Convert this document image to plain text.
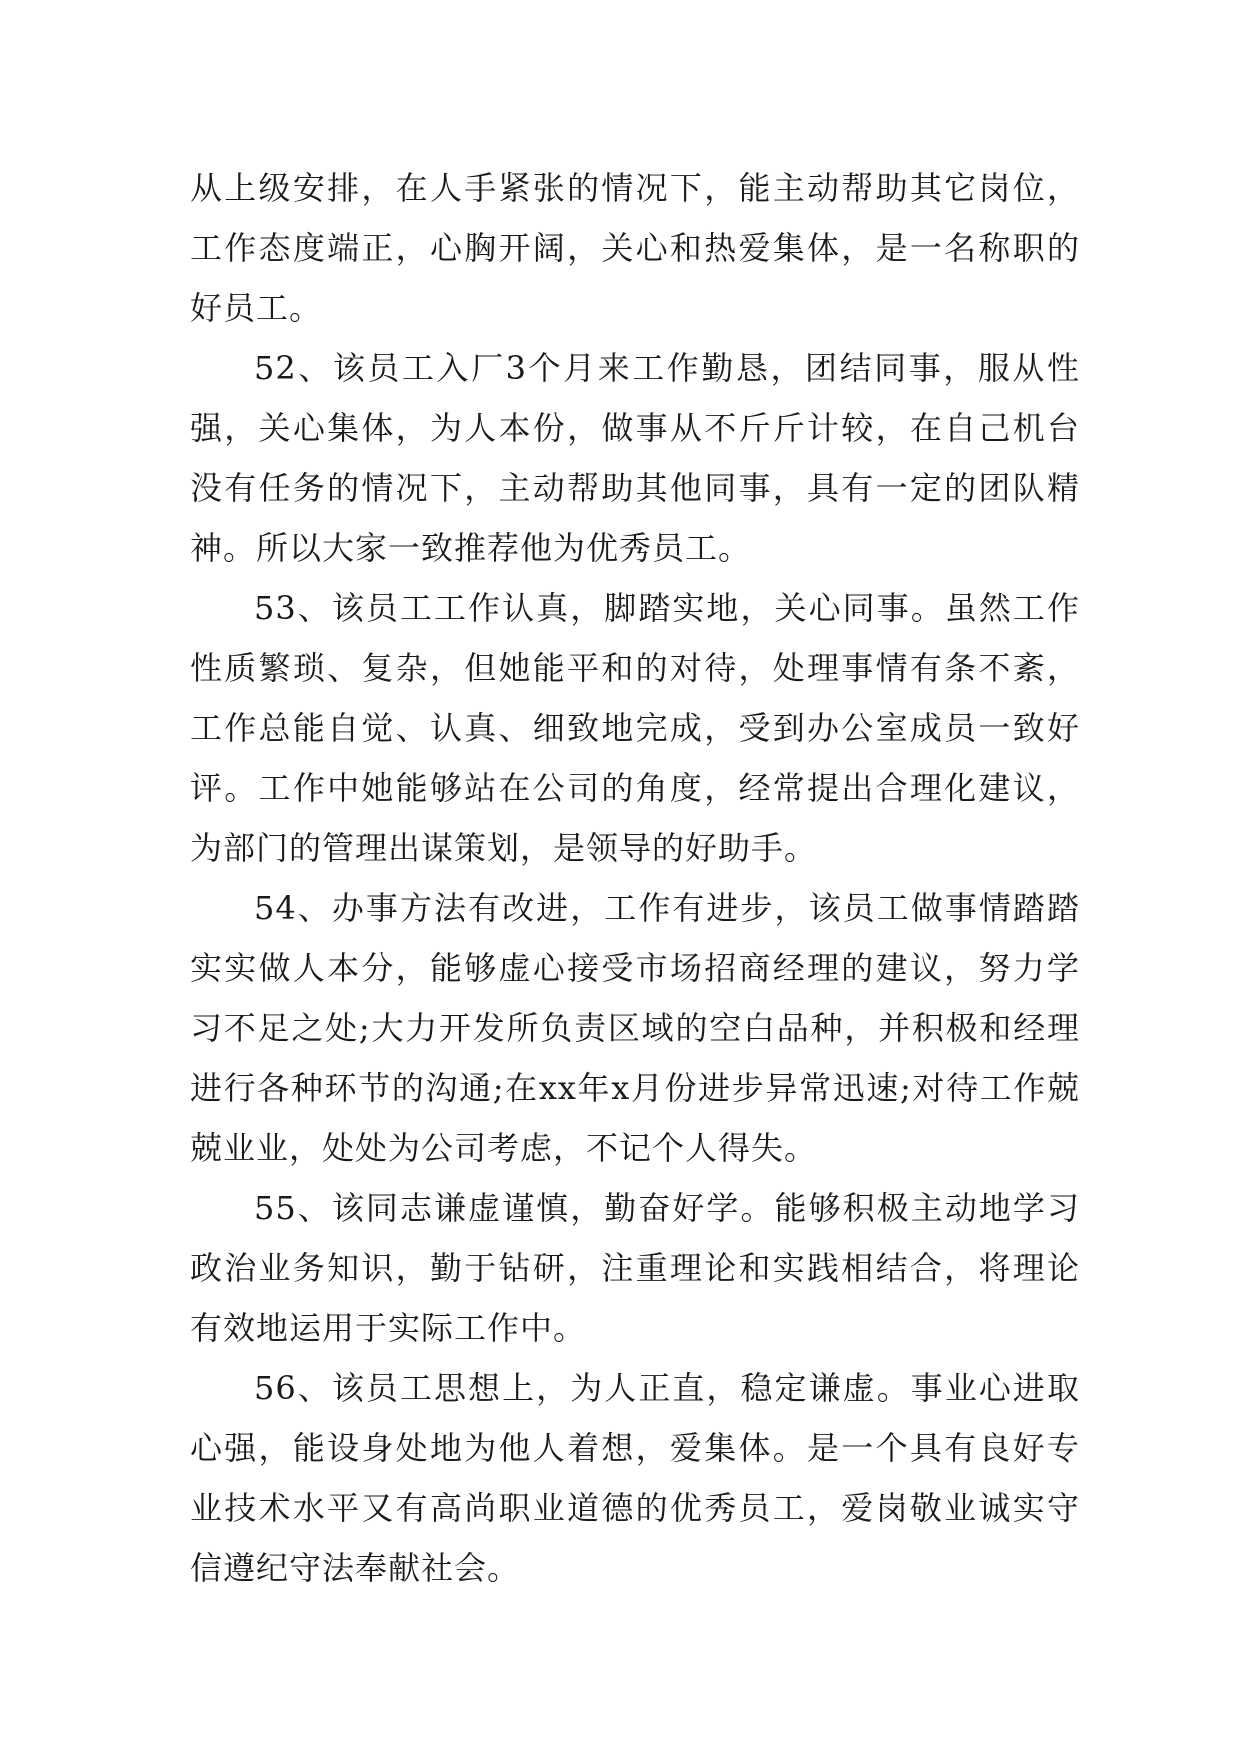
从上级安排，在人手紧张的情况下，能主动帮助其它岗位，工作态度端正，心胸开阔，关心和热爱集体，是一名称职的好员工。

52、该员工入厂3个月来工作勤恳，团结同事，服从性强，关心集体，为人本份，做事从不斤斤计较，在自己机台没有任务的情况下，主动帮助其他同事，具有一定的团队精神。所以大家一致推荐他为优秀员工。

53、该员工工作认真，脚踏实地，关心同事。虽然工作性质繁琐、复杂，但她能平和的对待，处理事情有条不紊，工作总能自觉、认真、细致地完成，受到办公室成员一致好评。工作中她能够站在公司的角度，经常提出合理化建议，为部门的管理出谋策划，是领导的好助手。

54、办事方法有改进，工作有进步，该员工做事情踏踏实实做人本分，能够虚心接受市场招商经理的建议，努力学习不足之处;大力开发所负责区域的空白品种，并积极和经理进行各种环节的沟通;在xx年x月份进步异常迅速;对待工作兢兢业业，处处为公司考虑，不记个人得失。

55、该同志谦虚谨慎，勤奋好学。能够积极主动地学习政治业务知识，勤于钻研，注重理论和实践相结合，将理论有效地运用于实际工作中。

56、该员工思想上，为人正直，稳定谦虚。事业心进取心强，能设身处地为他人着想，爱集体。是一个具有良好专业技术水平又有高尚职业道德的优秀员工，爱岗敬业诚实守信遵纪守法奉献社会。
